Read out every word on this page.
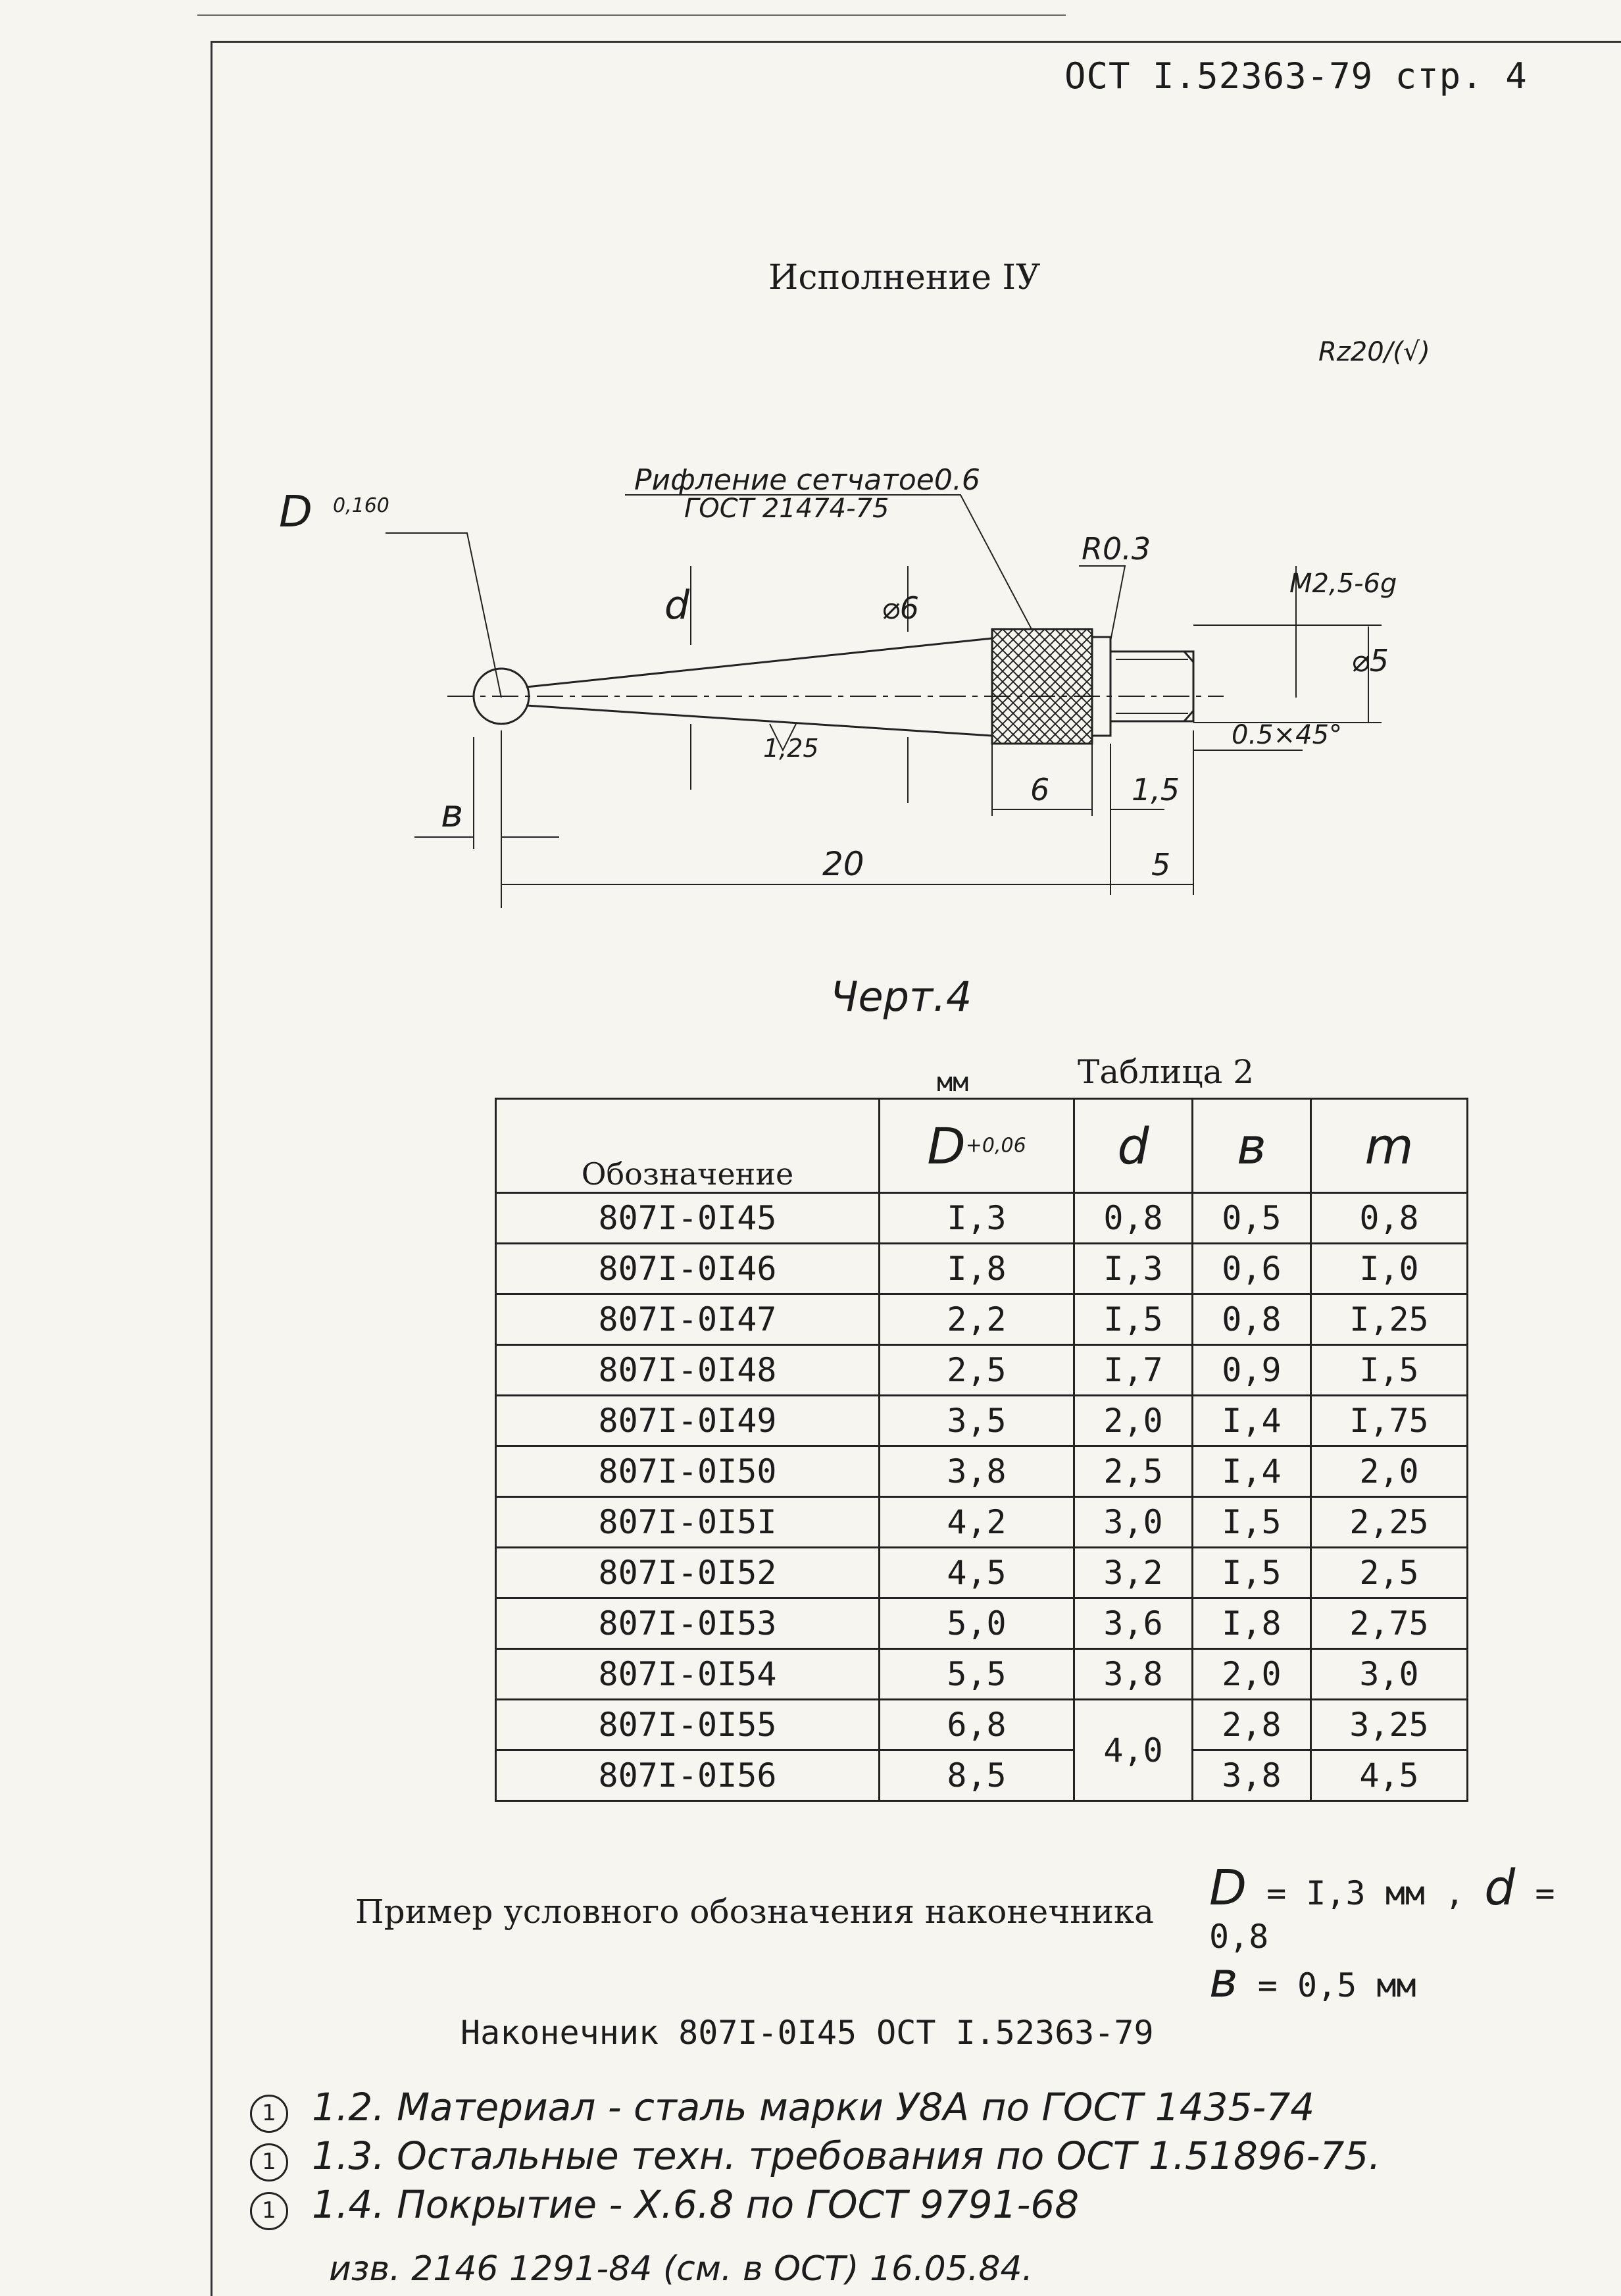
ОСТ I.52363-79 стр. 4
Исполнение IУ
Rz20/(√)
D 0,160
Рифление сетчатое0.6
ГОСТ 21474-75
d	⌀6
R0.3
M2,5-6g
⌀5
0.5×45°
1,25
в
6	1,5
20	5
Черт.4
мм	Таблица 2
Обозначение	$D^{+0,06}$	d	в	m
807I-0I45	I,3	0,8	0,5	0,8
807I-0I46	I,8	I,3	0,6	I,0
807I-0I47	2,2	I,5	0,8	I,25
807I-0I48	2,5	I,7	0,9	I,5
807I-0I49	3,5	2,0	I,4	I,75
807I-0I50	3,8	2,5	I,4	2,0
807I-0I5I	4,2	3,0	I,5	2,25
807I-0I52	4,5	3,2	I,5	2,5
807I-0I53	5,0	3,6	I,8	2,75
807I-0I54	5,5	3,8	2,0	3,0
807I-0I55	6,8	4,0	2,8	3,25
807I-0I56	8,5		3,8	4,5
Пример условного обозначения наконечника D = I,3 мм , d = 0,8
в = 0,5 мм
Наконечник 807I-0I45 ОСТ I.52363-79
1 1.2. Материал - сталь марки У8А по ГОСТ 1435-74
1 1.3. Остальные техн. требования по ОСТ 1.51896-75.
1 1.4. Покрытие - Х.6.8 по ГОСТ 9791-68
изв. 2146 1291-84 (см. в ОСТ) 16.05.84.
